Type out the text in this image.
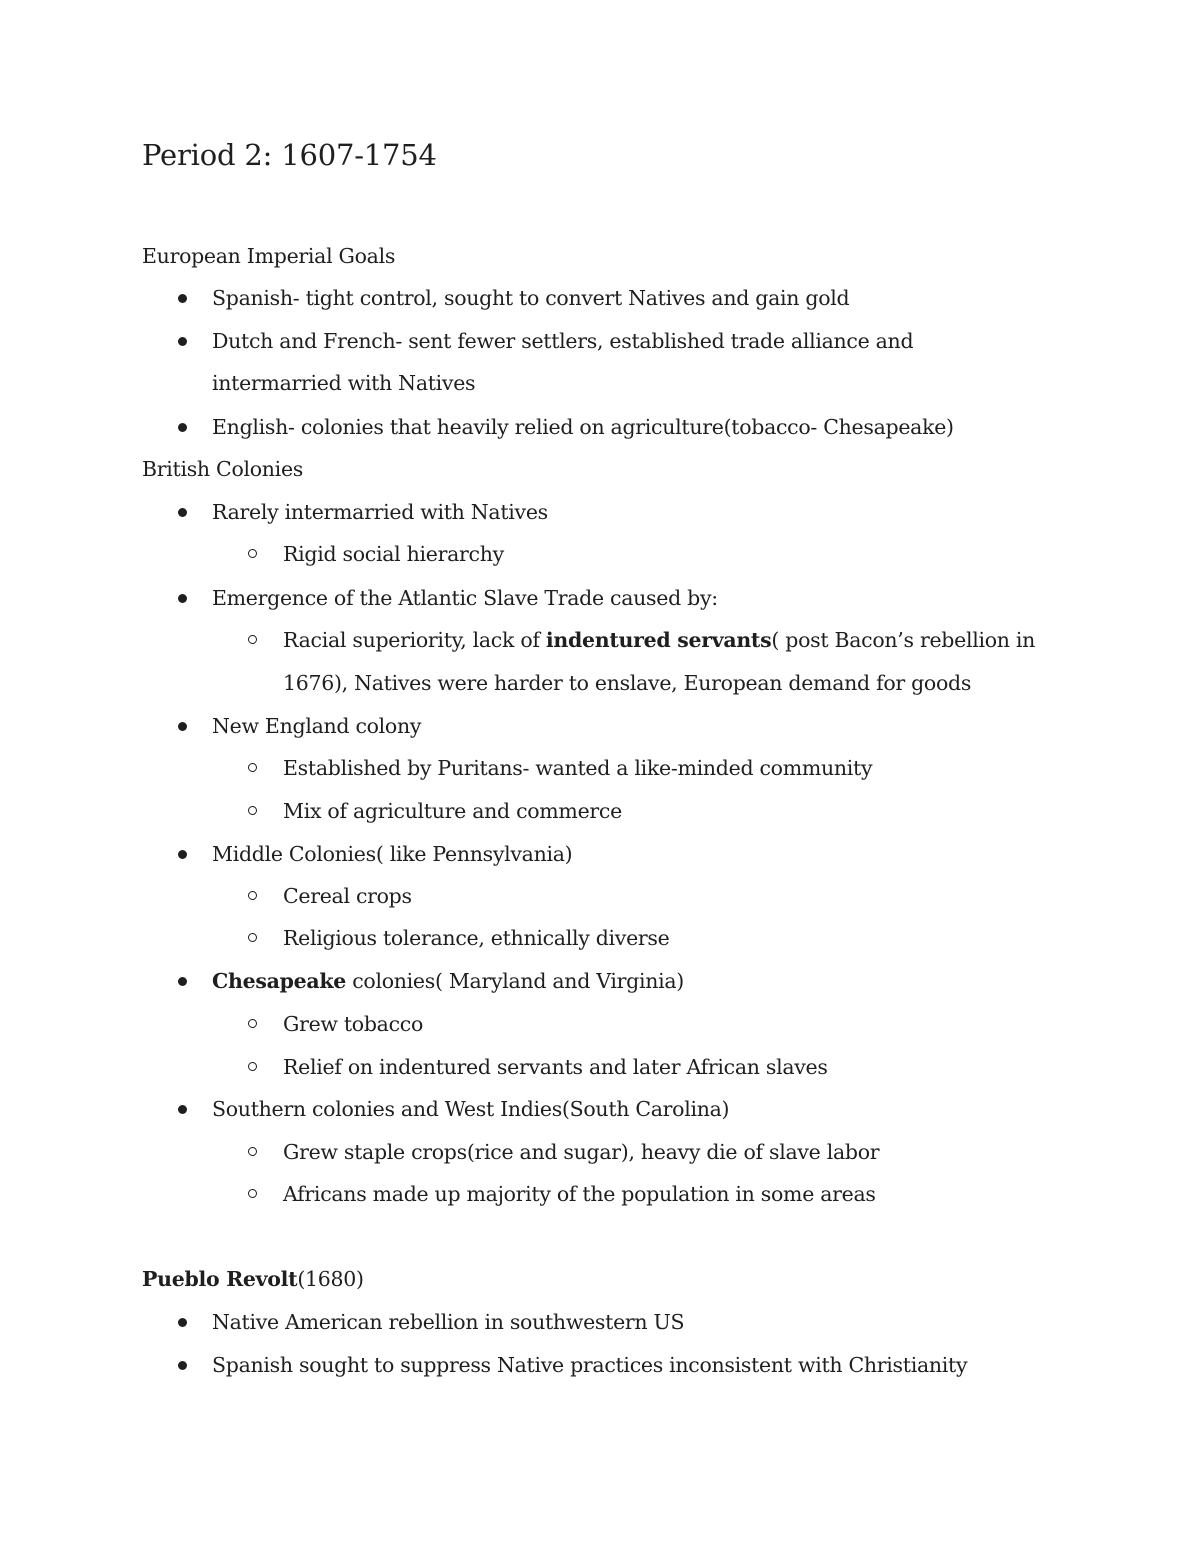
Period 2: 1607-1754
European Imperial Goals
Spanish- tight control, sought to convert Natives and gain gold
Dutch and French- sent fewer settlers, established trade alliance and
intermarried with Natives
English- colonies that heavily relied on agriculture(tobacco- Chesapeake)
British Colonies
Rarely intermarried with Natives
Rigid social hierarchy
Emergence of the Atlantic Slave Trade caused by:
Racial superiority, lack of indentured servants( post Bacon’s rebellion in
1676), Natives were harder to enslave, European demand for goods
New England colony
Established by Puritans- wanted a like-minded community
Mix of agriculture and commerce
Middle Colonies( like Pennsylvania)
Cereal crops
Religious tolerance, ethnically diverse
Chesapeake colonies( Maryland and Virginia)
Grew tobacco
Relief on indentured servants and later African slaves
Southern colonies and West Indies(South Carolina)
Grew staple crops(rice and sugar), heavy die of slave labor
Africans made up majority of the population in some areas
Pueblo Revolt(1680)
Native American rebellion in southwestern US
Spanish sought to suppress Native practices inconsistent with Christianity
